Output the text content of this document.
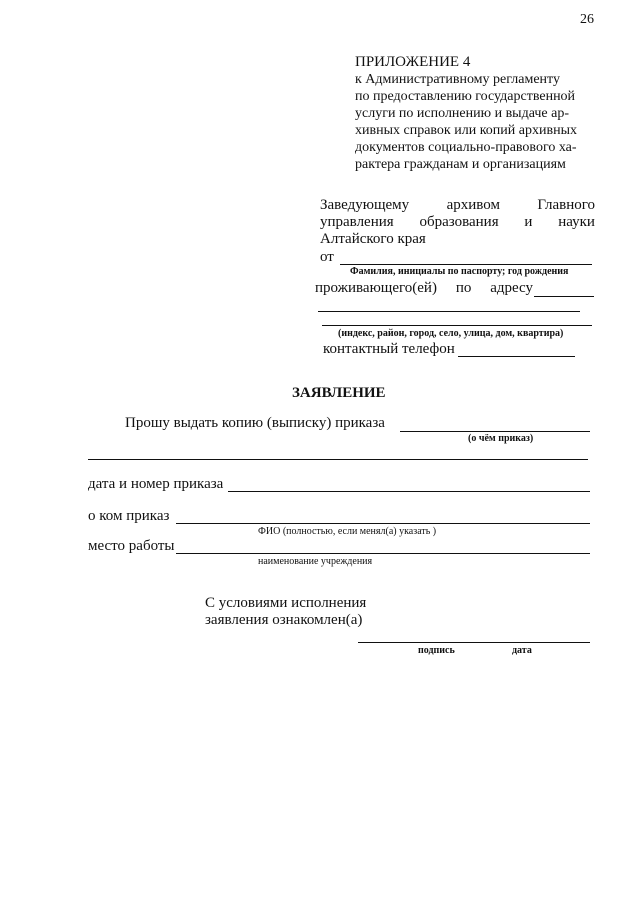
26
ПРИЛОЖЕНИЕ 4
к Административному регламенту
по предоставлению государственной
услуги по исполнению и выдаче ар-
хивных справок или копий архивных
документов социально-правового ха-
рактера гражданам и организациям
Заведующему архивом Главного
управления образования и науки
Алтайского края
от
Фамилия, инициалы по паспорту; год рождения
проживающего(ей) по адресу
(индекс, район, город, село, улица, дом, квартира)
контактный телефон
ЗАЯВЛЕНИЕ
Прошу выдать копию (выписку) приказа
(о чём приказ)
дата и номер приказа
о ком приказ
ФИО (полностью, если менял(а) указать )
место работы
наименование учреждения
С условиями исполнения
заявления ознакомлен(а)
подпись	дата
